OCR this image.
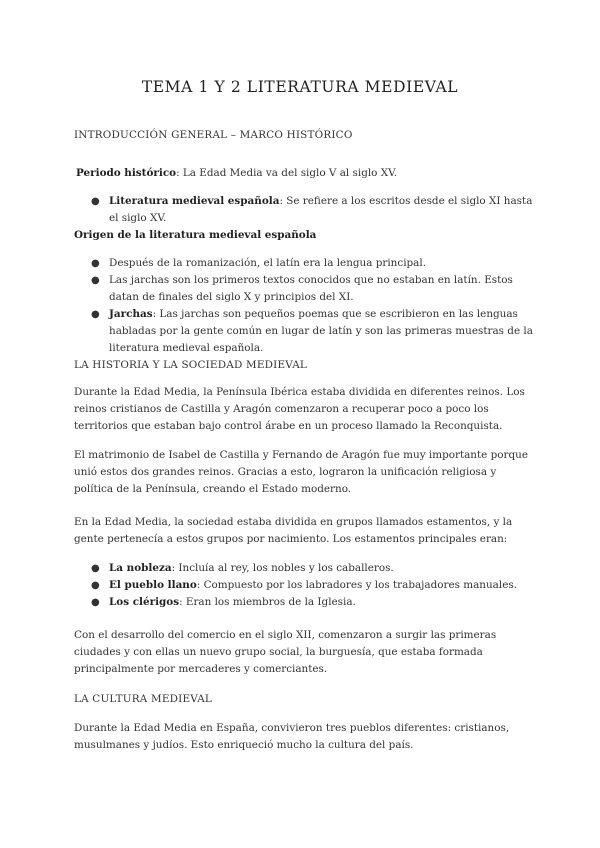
TEMA 1 Y 2 LITERATURA MEDIEVAL
INTRODUCCIÓN GENERAL – MARCO HISTÓRICO

Periodo histórico: La Edad Media va del siglo V al siglo XV.

● Literatura medieval española: Se refiere a los escritos desde el siglo XI hasta el siglo XV.

Origen de la literatura medieval española

● Después de la romanización, el latín era la lengua principal.
● Las jarchas son los primeros textos conocidos que no estaban en latín. Estos datan de finales del siglo X y principios del XI.
● Jarchas: Las jarchas son pequeños poemas que se escribieron en las lenguas habladas por la gente común en lugar de latín y son las primeras muestras de la literatura medieval española.
LA HISTORIA Y LA SOCIEDAD MEDIEVAL

Durante la Edad Media, la Península Ibérica estaba dividida en diferentes reinos. Los reinos cristianos de Castilla y Aragón comenzaron a recuperar poco a poco los territorios que estaban bajo control árabe en un proceso llamado la Reconquista.

El matrimonio de Isabel de Castilla y Fernando de Aragón fue muy importante porque unió estos dos grandes reinos. Gracias a esto, lograron la unificación religiosa y política de la Península, creando el Estado moderno.

En la Edad Media, la sociedad estaba dividida en grupos llamados estamentos, y la gente pertenecía a estos grupos por nacimiento. Los estamentos principales eran:

● La nobleza: Incluía al rey, los nobles y los caballeros.
● El pueblo llano: Compuesto por los labradores y los trabajadores manuales.
● Los clérigos: Eran los miembros de la Iglesia.

Con el desarrollo del comercio en el siglo XII, comenzaron a surgir las primeras ciudades y con ellas un nuevo grupo social, la burguesía, que estaba formada principalmente por mercaderes y comerciantes.

LA CULTURA MEDIEVAL

Durante la Edad Media en España, convivieron tres pueblos diferentes: cristianos, musulmanes y judíos. Esto enriqueció mucho la cultura del país.
